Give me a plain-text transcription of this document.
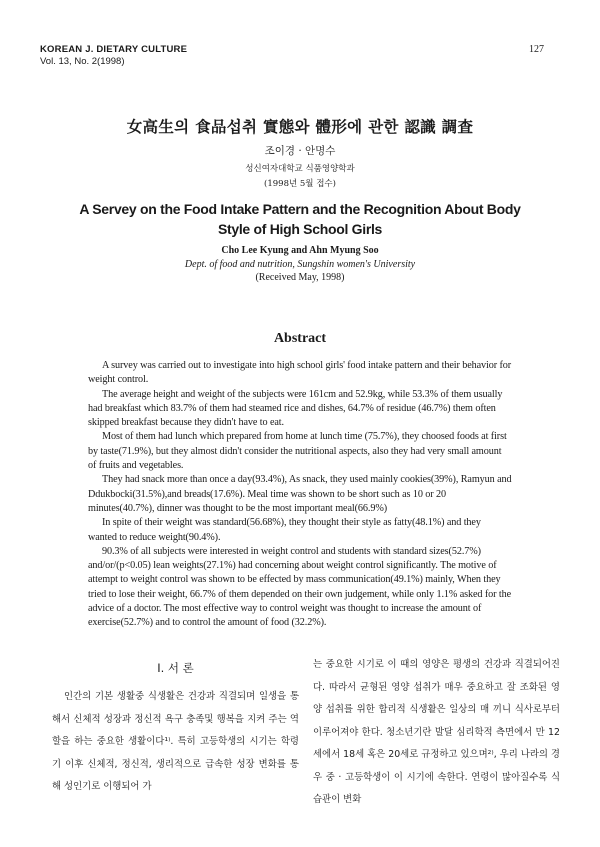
KOREAN J. DIETARY CULTURE
Vol. 13, No. 2(1998)
127
女高生의 食品섭취 實態와 體形에 관한 認識 調査
조이경 · 안명수
성신여자대학교 식품영양학과
(1998년 5월 접수)
A Servey on the Food Intake Pattern and the Recognition About Body Style of High School Girls
Cho Lee Kyung and Ahn Myung Soo
Dept. of food and nutrition, Sungshin women's University
(Received May, 1998)
Abstract

A survey was carried out to investigate into high school girls' food intake pattern and their behavior for weight control.

The average height and weight of the subjects were 161cm and 52.9kg, while 53.3% of them usually had breakfast which 83.7% of them had steamed rice and dishes, 64.7% of residue (46.7%) them often skipped breakfast because they didn't have to eat.

Most of them had lunch which prepared from home at lunch time (75.7%), they choosed foods at first by taste(71.9%), but they almost didn't consider the nutritional aspects, also they had very small amount of fruits and vegetables.

They had snack more than once a day(93.4%), As snack, they used mainly cookies(39%), Ramyun and Ddukbocki(31.5%),and breads(17.6%). Meal time was shown to be short such as 10 or 20 minutes(40.7%), dinner was thought to be the most important meal(66.9%)

In spite of their weight was standard(56.68%), they thought their style as fatty(48.1%) and they wanted to reduce weight(90.4%).

90.3% of all subjects were interested in weight control and students with standard sizes(52.7%) and/or/(p<0.05) lean weights(27.1%) had concerning about weight control significantly. The motive of attempt to weight control was shown to be effected by mass communication(49.1%) mainly, When they tried to lose their weight, 66.7% of them depended on their own judgement, while only 1.1% asked for the advice of a doctor. The most effective way to control weight was thought to increase the amount of exercise(52.7%) and to control the amount of food (32.2%).

인간의 기본 생활중 식생활은 건강과 직결되며 일생을 통해서 신체적 성장과 정신적 욕구 충족및 행복을 지켜 주는 역할을 하는 중요한 생활이다¹⁾. 특히 고등학생의 시기는 학령기 이후 신체적, 정신적, 생리적으로 급속한 성장 변화를 통해 성인기로 이행되어 가
I. 서 론	는 중요한 시기로 이 때의 영양은 평생의 건강과 직결되어진다. 따라서 균형된 영양 섭취가 매우 중요하고 잘 조화된 영양 섭취를 위한 합리적 식생활은 일상의 매 끼니 식사로부터 이루어져야 한다. 청소년기란 발달 심리학적 측면에서 만 12세에서 18세 혹은 20세로 규정하고 있으며²⁾, 우리 나라의 경우 중 · 고등학생이 이 시기에 속한다. 연령이 많아질수록 식습관이 변화
